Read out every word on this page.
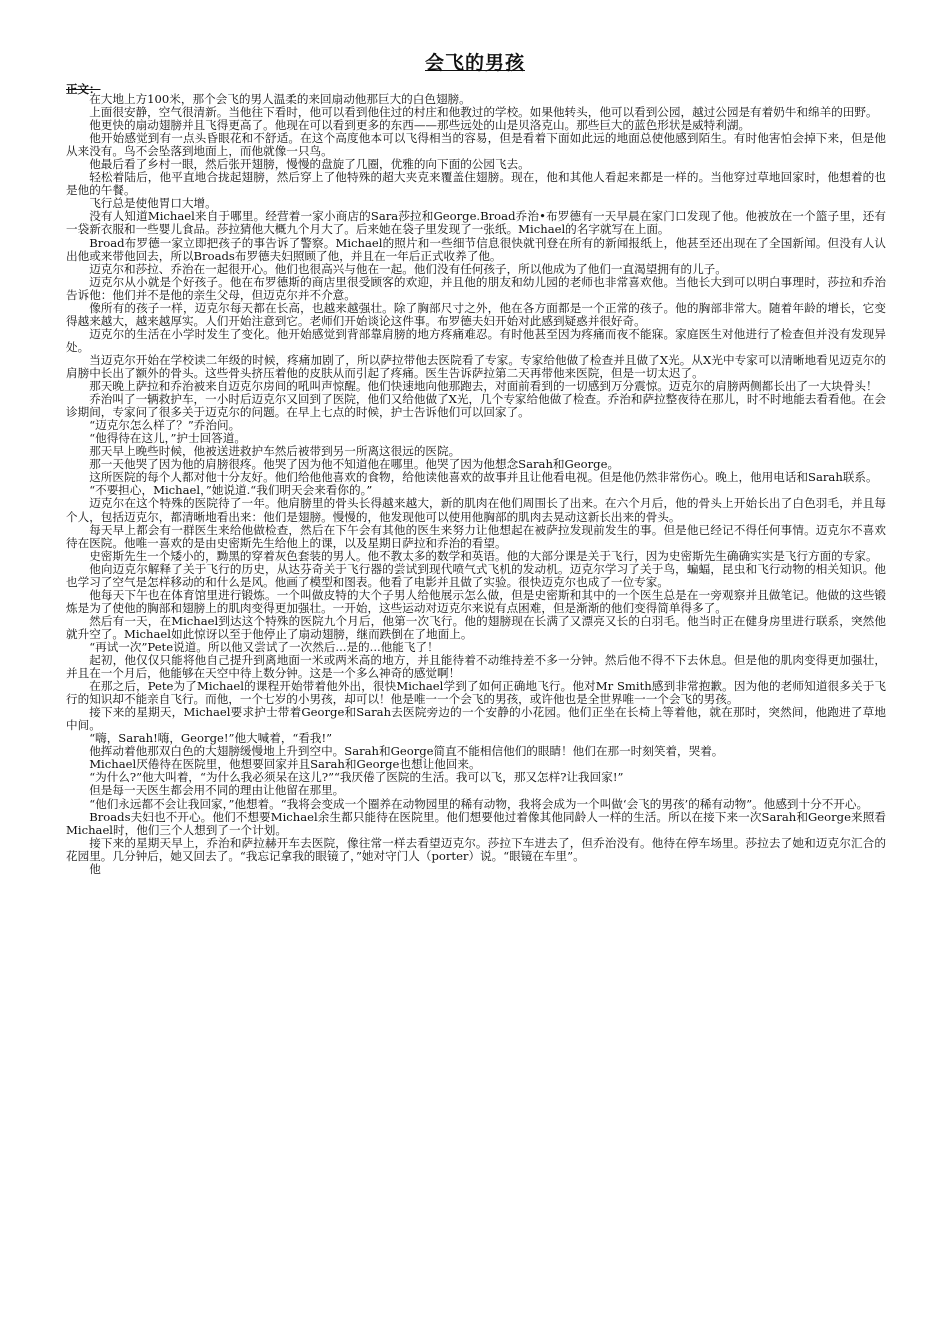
会飞的男孩
正文：

在大地上方100米，那个会飞的男人温柔的来回扇动他那巨大的白色翅膀。

上面很安静，空气很清新。当他往下看时，他可以看到他住过的村庄和他教过的学校。如果他转头，他可以看到公园，越过公园是有着奶牛和绵羊的田野。

他更快的扇动翅膀并且飞得更高了。他现在可以看到更多的东西——那些远处的山是贝洛克山。那些巨大的蓝色形状是威特利湖。

他开始感觉到有一点头昏眼花和不舒适。在这个高度他本可以飞得相当的容易，但是看着下面如此远的地面总使他感到陌生。有时他害怕会掉下来，但是他从来没有。鸟不会坠落到地面上，而他就像一只鸟。

他最后看了乡村一眼，然后张开翅膀，慢慢的盘旋了几圈，优雅的向下面的公园飞去。

轻松着陆后，他平直地合拢起翅膀，然后穿上了他特殊的超大夹克来覆盖住翅膀。现在，他和其他人看起来都是一样的。当他穿过草地回家时，他想着的也是他的午餐。

飞行总是使他胃口大增。

没有人知道Michael来自于哪里。经营着一家小商店的Sara莎拉和George.Broad乔治•布罗德有一天早晨在家门口发现了他。他被放在一个篮子里，还有一袋新衣服和一些婴儿食品。莎拉猜他大概九个月大了。后来她在袋子里发现了一张纸。Michael的名字就写在上面。

Broad布罗德一家立即把孩子的事告诉了警察。Michael的照片和一些细节信息很快就刊登在所有的新闻报纸上，他甚至还出现在了全国新闻。但没有人认出他或来带他回去，所以Broads布罗德夫妇照顾了他，并且在一年后正式收养了他。

迈克尔和莎拉、乔治在一起很开心。他们也很高兴与他在一起。他们没有任何孩子，所以他成为了他们一直渴望拥有的儿子。

迈克尔从小就是个好孩子。他在布罗德斯的商店里很受顾客的欢迎，并且他的朋友和幼儿园的老师也非常喜欢他。当他长大到可以明白事理时，莎拉和乔治告诉他：他们并不是他的亲生父母，但迈克尔并不介意。

像所有的孩子一样，迈克尔每天都在长高，也越来越强壮。除了胸部尺寸之外，他在各方面都是一个正常的孩子。他的胸部非常大。随着年龄的增长，它变得越来越大，越来越厚实。人们开始注意到它。老师们开始谈论这件事。布罗德夫妇开始对此感到疑惑并很好奇。

迈克尔的生活在小学时发生了变化。他开始感觉到背部靠肩膀的地方疼痛难忍。有时他甚至因为疼痛而夜不能寐。家庭医生对他进行了检查但并没有发现异处。

当迈克尔开始在学校读二年级的时候，疼痛加剧了，所以萨拉带他去医院看了专家。专家给他做了检查并且做了X光。从X光中专家可以清晰地看见迈克尔的肩膀中长出了额外的骨头。这些骨头挤压着他的皮肤从而引起了疼痛。医生告诉萨拉第二天再带他来医院，但是一切太迟了。

那天晚上萨拉和乔治被来自迈克尔房间的吼叫声惊醒。他们快速地向他那跑去，对面前看到的一切感到万分震惊。迈克尔的肩膀两侧都长出了一大块骨头！

乔治叫了一辆救护车，一小时后迈克尔又回到了医院，他们又给他做了X光，几个专家给他做了检查。乔治和萨拉整夜待在那儿，时不时地能去看看他。在会诊期间，专家问了很多关于迈克尔的问题。在早上七点的时候，护士告诉他们可以回家了。

“迈克尔怎么样了？”乔治问。

“他得待在这儿，”护士回答道。

那天早上晚些时候，他被送进救护车然后被带到另一所离这很远的医院。

那一天他哭了因为他的肩膀很疼。他哭了因为他不知道他在哪里。他哭了因为他想念Sarah和George。

这所医院的每个人都对他十分友好。他们给他他喜欢的食物，给他读他喜欢的故事并且让他看电视。但是他仍然非常伤心。晚上，他用电话和Sarah联系。

“不要担心，Michael，”她说道.“我们明天会来看你的。”

迈克尔在这个特殊的医院待了一年。他肩膀里的骨头长得越来越大，新的肌肉在他们周围长了出来。在六个月后，他的骨头上开始长出了白色羽毛，并且每个人，包括迈克尔，都清晰地看出来：他们是翅膀。慢慢的，他发现他可以使用他胸部的肌肉去晃动这新长出来的骨头。

每天早上都会有一群医生来给他做检查，然后在下午会有其他的医生来努力让他想起在被萨拉发现前发生的事。但是他已经记不得任何事情。迈克尔不喜欢待在医院。他唯一喜欢的是由史密斯先生给他上的课，以及星期日萨拉和乔治的看望。

史密斯先生一个矮小的，黝黑的穿着灰色套装的男人。他不教太多的数学和英语。他的大部分课是关于飞行，因为史密斯先生确确实实是飞行方面的专家。

他向迈克尔解释了关于飞行的历史，从达芬奇关于飞行器的尝试到现代喷气式飞机的发动机。迈克尔学习了关于鸟，蝙蝠，昆虫和飞行动物的相关知识。他也学习了空气是怎样移动的和什么是风。他画了模型和图表。他看了电影并且做了实验。很快迈克尔也成了一位专家。

他每天下午也在体育馆里进行锻炼。一个叫做皮特的大个子男人给他展示怎么做，但是史密斯和其中的一个医生总是在一旁观察并且做笔记。他做的这些锻炼是为了使他的胸部和翅膀上的肌肉变得更加强壮。一开始，这些运动对迈克尔来说有点困难，但是渐渐的他们变得简单得多了。

然后有一天，在Michael到达这个特殊的医院九个月后，他第一次飞行。他的翅膀现在长满了又漂亮又长的白羽毛。他当时正在健身房里进行联系，突然他就升空了。Michael如此惊讶以至于他停止了扇动翅膀，继而跌倒在了地面上。

“再试一次”Pete说道。所以他又尝试了一次然后...是的...他能飞了！

起初，他仅仅只能将他自己提升到离地面一米或两米高的地方，并且能待着不动维持差不多一分钟。然后他不得不下去休息。但是他的肌肉变得更加强壮，并且在一个月后，他能够在天空中待上数分钟。这是一个多么神奇的感觉啊！

在那之后，Pete为了Michael的课程开始带着他外出，很快Michael学到了如何正确地飞行。他对Mr Smith感到非常抱歉。因为他的老师知道很多关于飞行的知识却不能亲自飞行。而他，一个七岁的小男孩，却可以！他是唯一一个会飞的男孩，或许他也是全世界唯一一个会飞的男孩。

接下来的星期天，Michael要求护士带着George和Sarah去医院旁边的一个安静的小花园。他们正坐在长椅上等着他，就在那时，突然间，他跑进了草地中间。

“嗨，Sarah!嗨，George!”他大喊着，“看我!”

他挥动着他那双白色的大翅膀缓慢地上升到空中。Sarah和George简直不能相信他们的眼睛！他们在那一时刻笑着，哭着。

Michael厌倦待在医院里，他想要回家并且Sarah和George也想让他回来。

“为什么?”他大叫着，“为什么我必须呆在这儿?”“我厌倦了医院的生活。我可以飞，那又怎样?让我回家!”

但是每一天医生都会用不同的理由让他留在那里。

“他们永远都不会让我回家，”他想着。“我将会变成一个圈养在动物园里的稀有动物，我将会成为一个叫做‘会飞的男孩’的稀有动物”。他感到十分不开心。

Broads夫妇也不开心。他们不想要Michael余生都只能待在医院里。他们想要他过着像其他同龄人一样的生活。所以在接下来一次Sarah和George来照看Michael时，他们三个人想到了一个计划。

接下来的星期天早上，乔治和萨拉赫开车去医院，像往常一样去看望迈克尔。莎拉下车进去了，但乔治没有。他待在停车场里。莎拉去了她和迈克尔汇合的花园里。几分钟后，她又回去了。“我忘记拿我的眼镜了，”她对守门人（porter）说。“眼镜在车里”。

他
